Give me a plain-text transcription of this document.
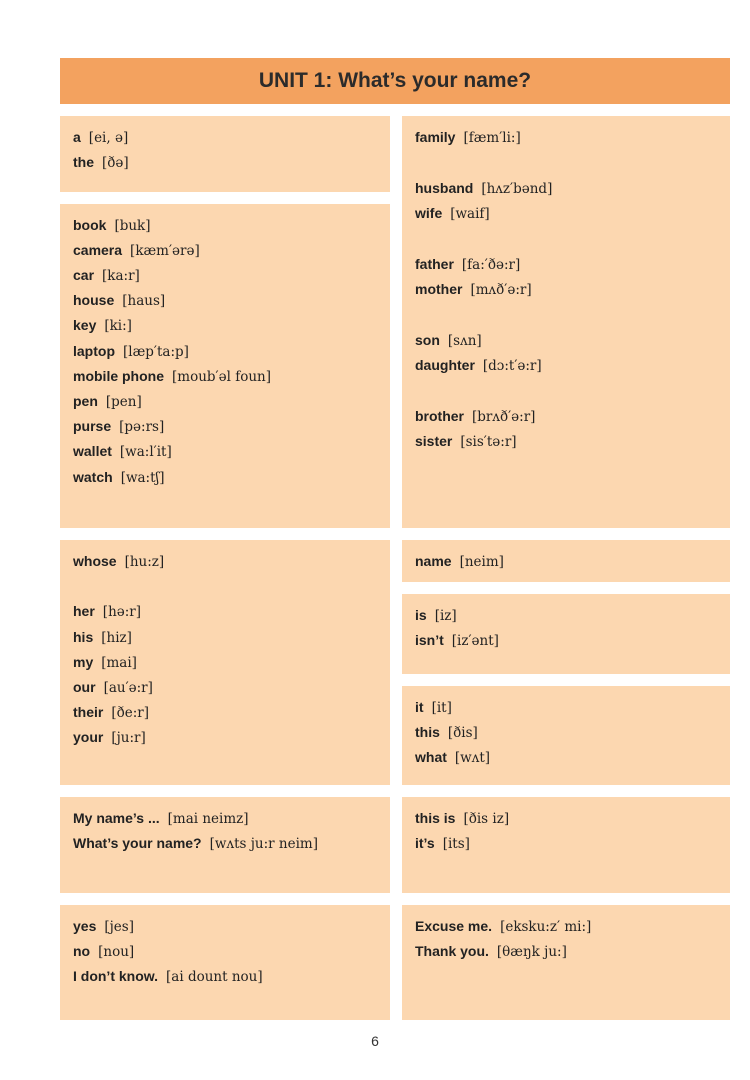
UNIT 1: What’s your name?
a [ei, ə]
the [ðə]
family [fæm′li:]
husband [hʌz′bənd]
wife [waif]
father [fa:′ðə:r]
mother [mʌð′ə:r]
son [sʌn]
daughter [dɔ:t′ə:r]
brother [brʌð′ə:r]
sister [sis′tə:r]
book [buk]
camera [kæm′ərə]
car [ka:r]
house [haus]
key [ki:]
laptop [læp′ta:p]
mobile phone [moub′əl foun]
pen [pen]
purse [pə:rs]
wallet [wa:l′it]
watch [wa:tʃ]
whose [hu:z]
her [hə:r]
his [hiz]
my [mai]
our [au′ə:r]
their [ðe:r]
your [ju:r]
name [neim]
is [iz]
isn’t [iz′ənt]
it [it]
this [ðis]
what [wʌt]
My name’s ... [mai neimz]
What’s your name? [wʌts ju:r neim]
this is [ðis iz]
it’s [its]
yes [jes]
no [nou]
I don’t know. [ai dount nou]
Excuse me. [eksku:z′ mi:]
Thank you. [θæŋk ju:]
6
